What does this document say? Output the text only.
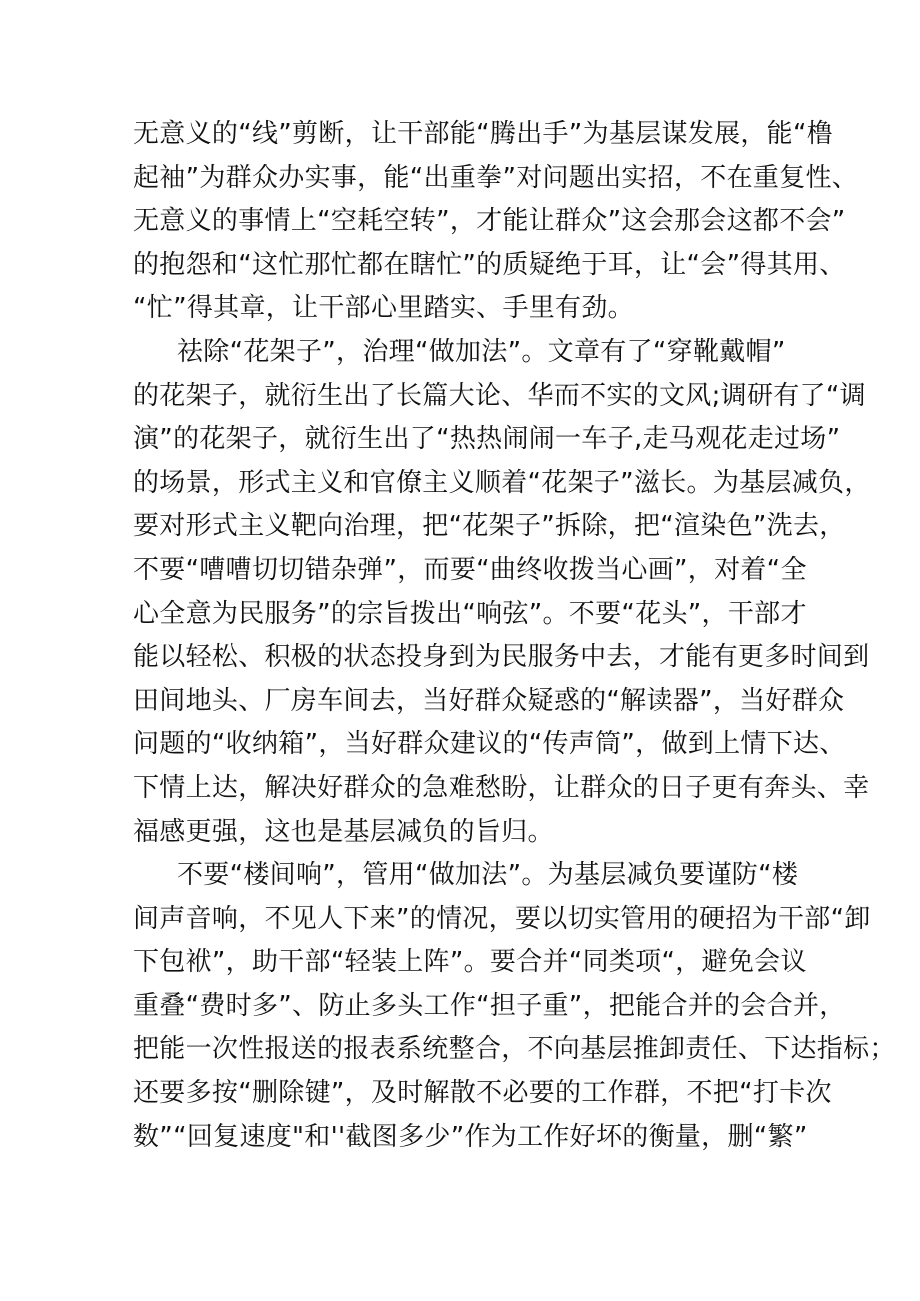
无意义的“线”剪断，让干部能“腾出手”为基层谋发展，能“橹
起袖”为群众办实事，能“出重拳”对问题出实招，不在重复性、
无意义的事情上“空耗空转”，才能让群众”这会那会这都不会”
的抱怨和“这忙那忙都在瞎忙”的质疑绝于耳，让“会”得其用、
“忙”得其章，让干部心里踏实、手里有劲。
祛除“花架子”，治理“做加法”。文章有了“穿靴戴帽”
的花架子，就衍生出了长篇大论、华而不实的文风;调研有了“调
演”的花架子，就衍生出了“热热闹闹一车子,走马观花走过场”
的场景，形式主义和官僚主义顺着“花架子”滋长。为基层减负，
要对形式主义靶向治理，把“花架子”拆除，把“渲染色”洗去，
不要“嘈嘈切切错杂弹”，而要“曲终收拨当心画”，对着“全
心全意为民服务”的宗旨拨出“响弦”。不要“花头”，干部才
能以轻松、积极的状态投身到为民服务中去，才能有更多时间到
田间地头、厂房车间去，当好群众疑惑的“解读器”，当好群众
问题的“收纳箱”，当好群众建议的“传声筒”，做到上情下达、
下情上达，解决好群众的急难愁盼，让群众的日子更有奔头、幸
福感更强，这也是基层减负的旨归。
不要“楼间响”，管用“做加法”。为基层减负要谨防“楼
间声音响，不见人下来”的情况，要以切实管用的硬招为干部“卸
下包袱”，助干部“轻装上阵”。要合并“同类项“，避免会议
重叠“费时多”、防止多头工作“担子重”，把能合并的会合并，
把能一次性报送的报表系统整合，不向基层推卸责任、下达指标；
还要多按“删除键”，及时解散不必要的工作群，不把“打卡次
数”“回复速度"和''截图多少”作为工作好坏的衡量，删“繁”
